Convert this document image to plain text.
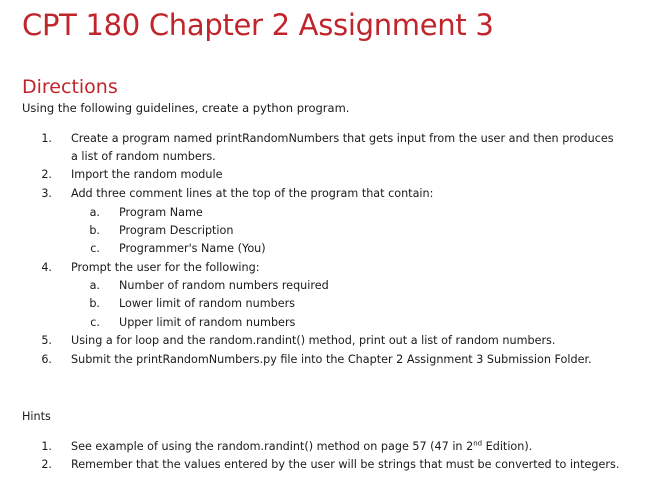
CPT 180 Chapter 2 Assignment 3
Directions

Using the following guidelines, create a python program.

1. Create a program named printRandomNumbers that gets input from the user and then produces
a list of random numbers.
2. Import the random module
3. Add three comment lines at the top of the program that contain:
a. Program Name
b. Program Description
c. Programmer's Name (You)
4. Prompt the user for the following:
a. Number of random numbers required
b. Lower limit of random numbers
c. Upper limit of random numbers
5. Using a for loop and the random.randint() method, print out a list of random numbers.
6. Submit the printRandomNumbers.py file into the Chapter 2 Assignment 3 Submission Folder.

Hints

1. See example of using the random.randint() method on page 57 (47 in 2nd Edition).
2. Remember that the values entered by the user will be strings that must be converted to integers.
